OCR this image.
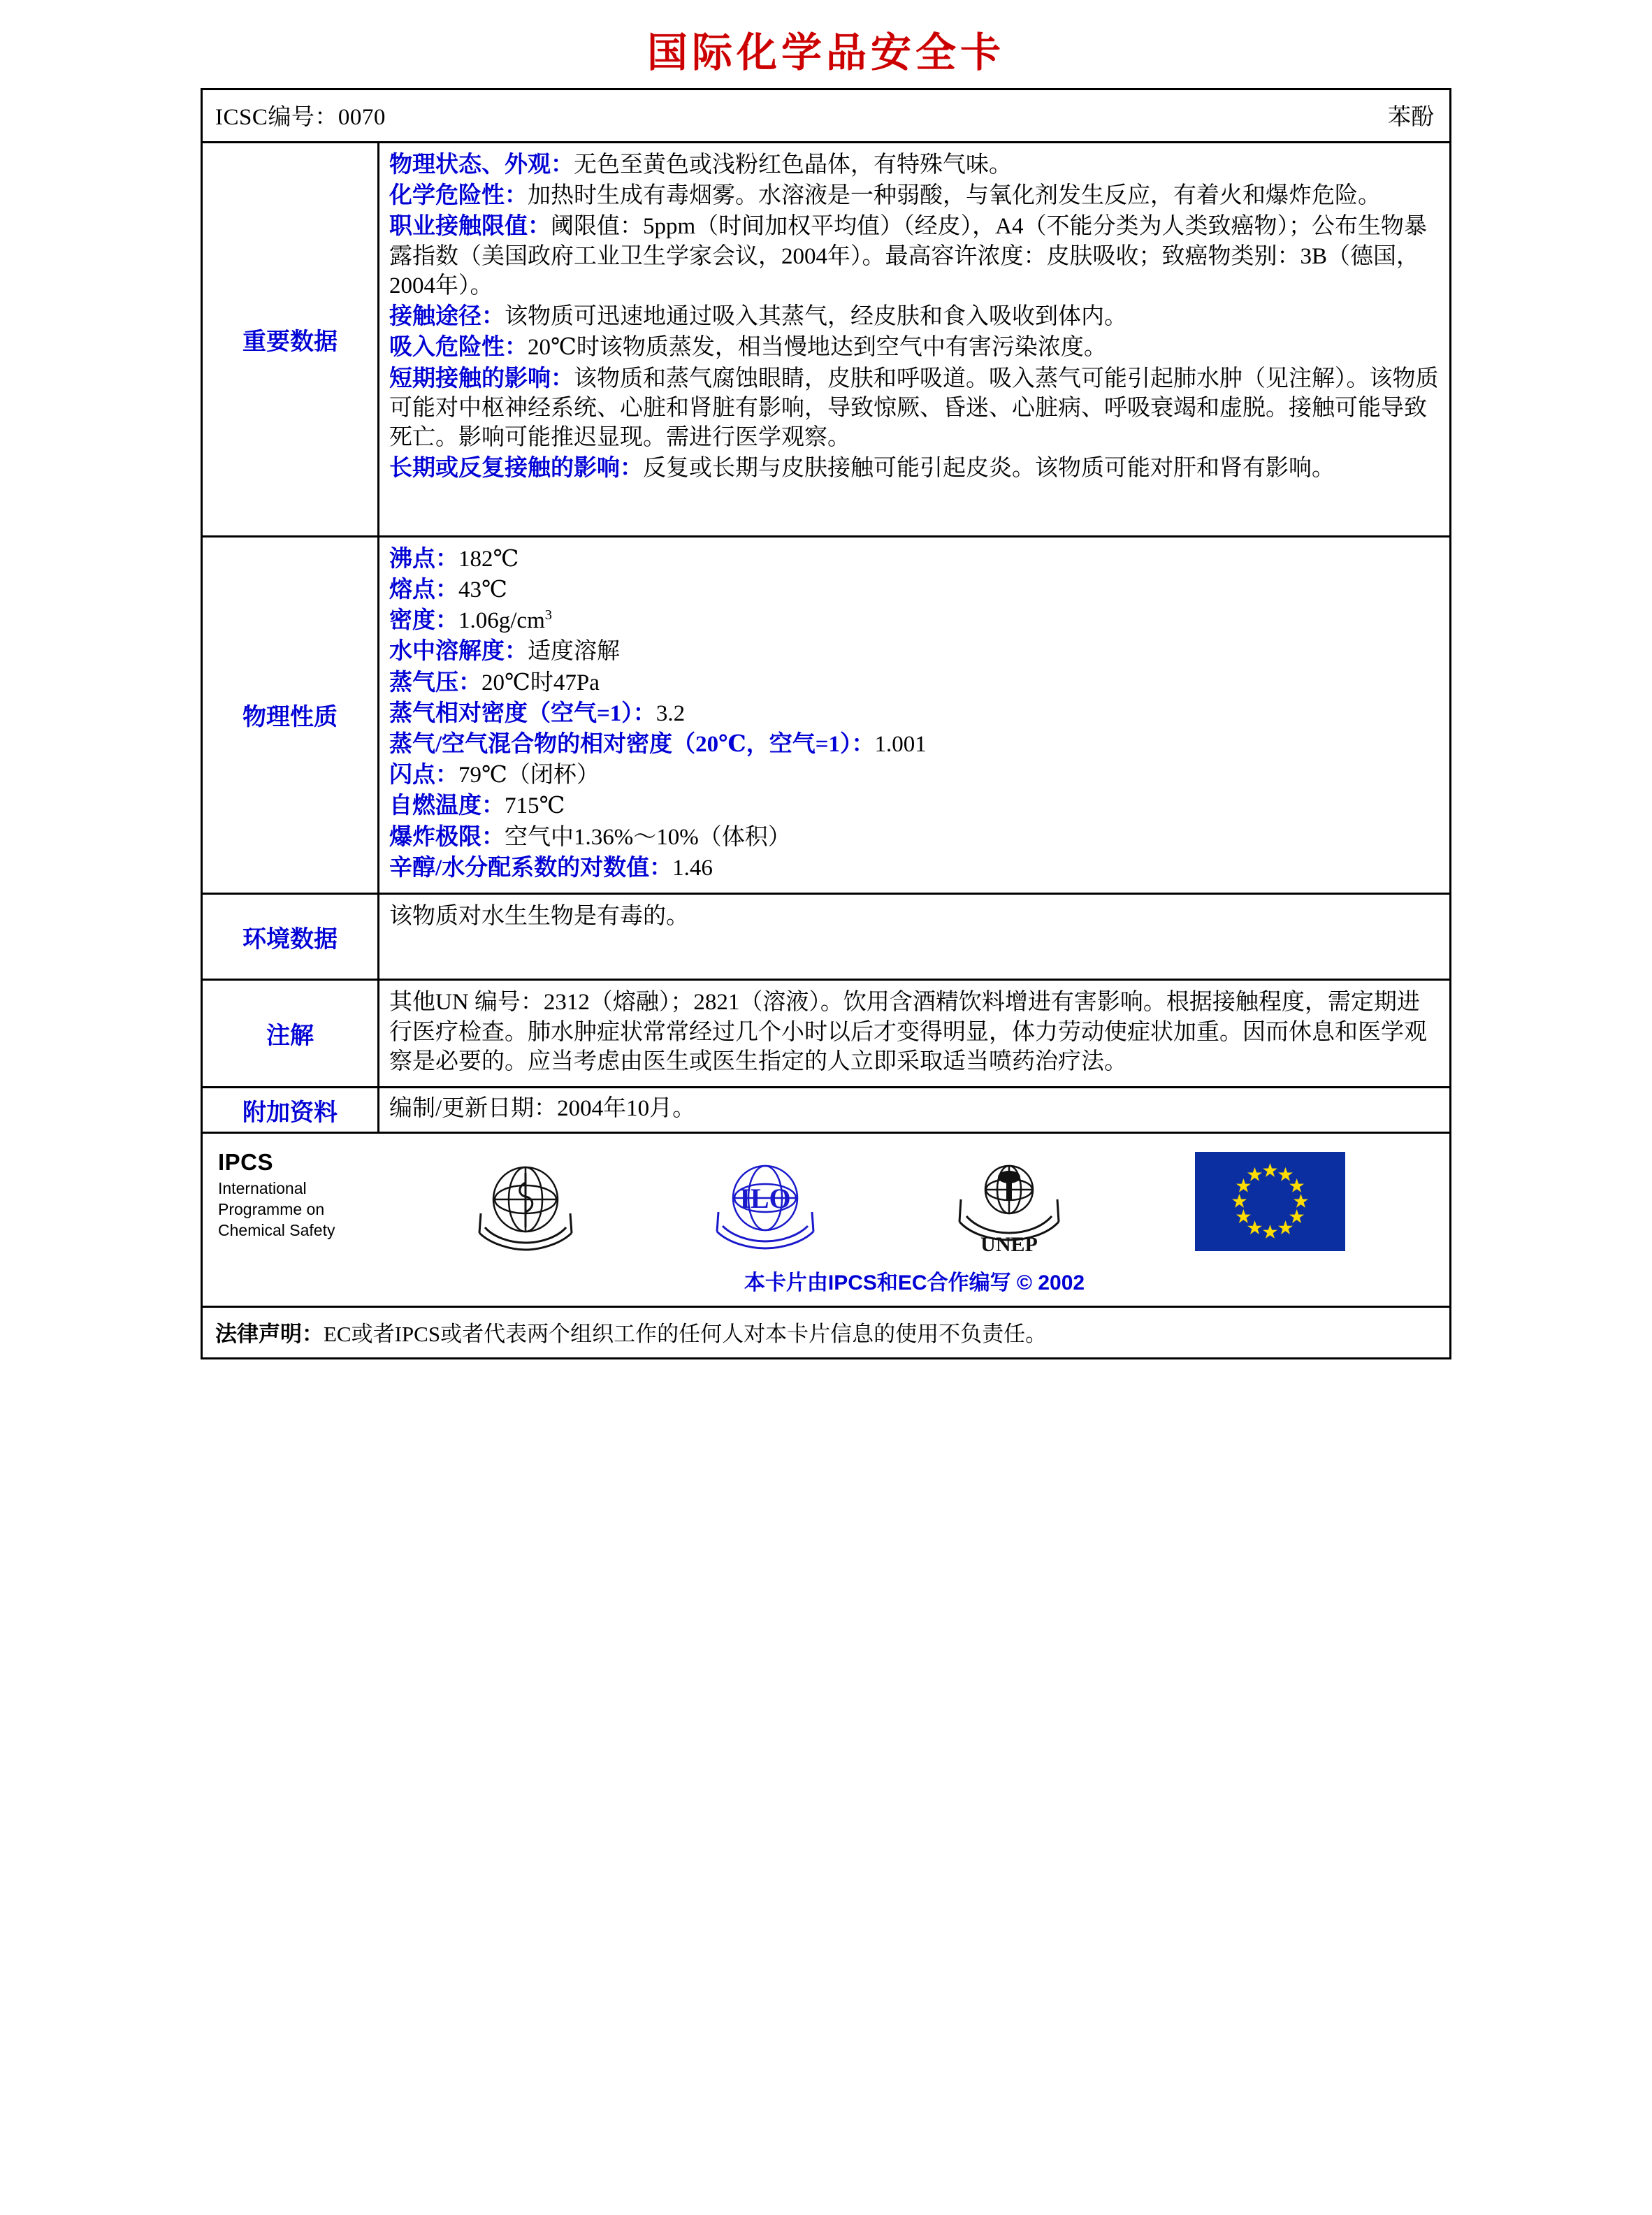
国际化学品安全卡
ICSC编号：0070	苯酚
重要数据

物理状态、外观：无色至黄色或浅粉红色晶体，有特殊气味。

化学危险性：加热时生成有毒烟雾。水溶液是一种弱酸，与氧化剂发生反应，有着火和爆炸危险。

职业接触限值：阈限值：5ppm（时间加权平均值）（经皮），A4（不能分类为人类致癌物）；公布生物暴露指数（美国政府工业卫生学家会议，2004年）。最高容许浓度：皮肤吸收；致癌物类别：3B（德国，2004年）。

接触途径：该物质可迅速地通过吸入其蒸气，经皮肤和食入吸收到体内。

吸入危险性：20℃时该物质蒸发，相当慢地达到空气中有害污染浓度。

短期接触的影响：该物质和蒸气腐蚀眼睛，皮肤和呼吸道。吸入蒸气可能引起肺水肿（见注解）。该物质可能对中枢神经系统、心脏和肾脏有影响，导致惊厥、昏迷、心脏病、呼吸衰竭和虚脱。接触可能导致死亡。影响可能推迟显现。需进行医学观察。

长期或反复接触的影响：反复或长期与皮肤接触可能引起皮炎。该物质可能对肝和肾有影响。

物理性质

沸点：182℃

熔点：43℃

密度：$1.06g/cm^3$

水中溶解度：适度溶解

蒸气压：20℃时47Pa

蒸气相对密度（空气=1）：3.2

蒸气/空气混合物的相对密度（20℃，空气=1）：1.001

闪点：79℃（闭杯）

自燃温度：715℃

爆炸极限：空气中1.36%～10%（体积）

辛醇/水分配系数的对数值：1.46

环境数据

该物质对水生生物是有毒的。

注解

其他UN 编号：2312（熔融）；2821（溶液）。饮用含酒精饮料增进有害影响。根据接触程度，需定期进行医疗检查。肺水肿症状常常经过几个小时以后才变得明显，体力劳动使症状加重。因而休息和医学观察是必要的。应当考虑由医生或医生指定的人立即采取适当喷药治疗法。

附加资料	编制/更新日期：2004年10月。

IPCS
International
Programme on
Chemical Safety
ILO
UNEP
本卡片由IPCS和EC合作编写 © 2002
法律声明：EC或者IPCS或者代表两个组织工作的任何人对本卡片信息的使用不负责任。
